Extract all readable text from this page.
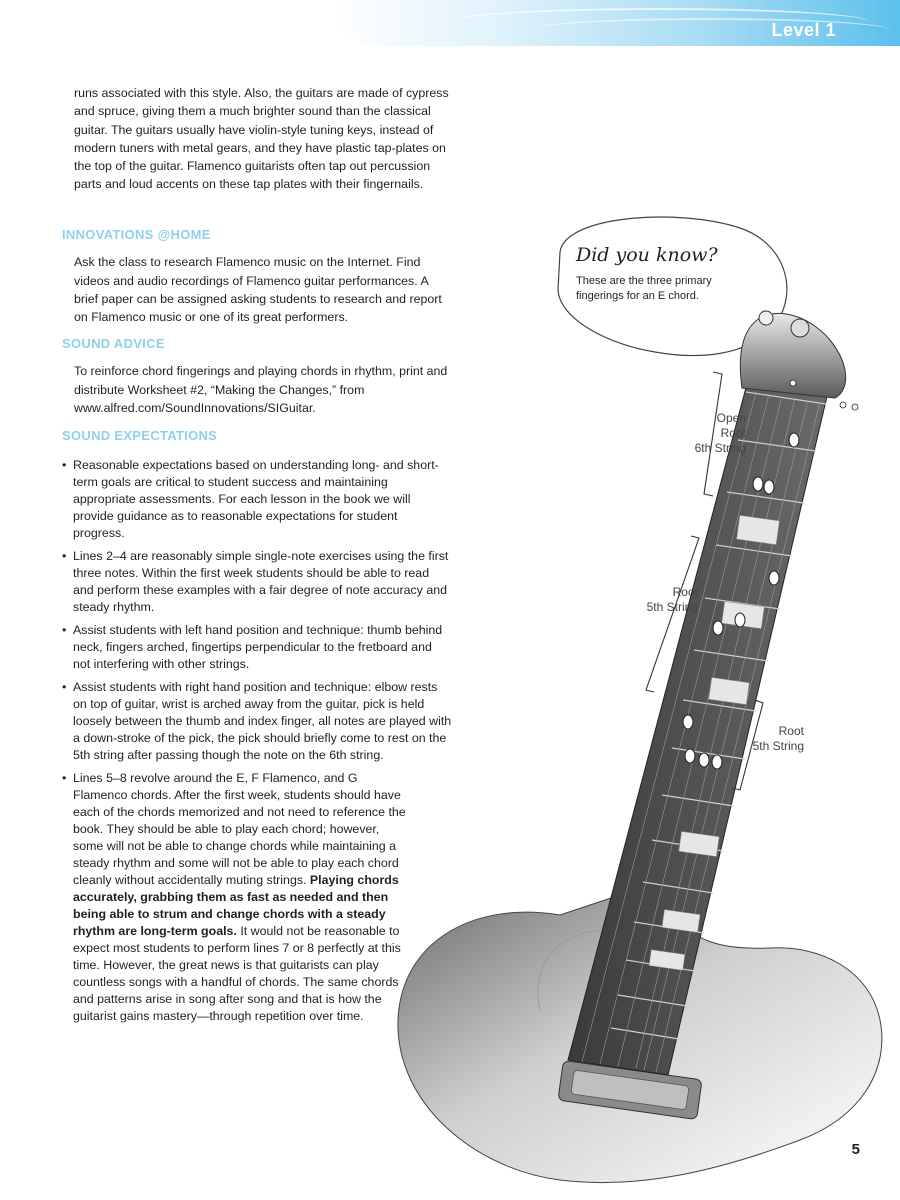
Level 1

runs associated with this style. Also, the guitars are made of cypress and spruce, giving them a much brighter sound than the classical guitar. The guitars usually have violin-style tuning keys, instead of modern tuners with metal gears, and they have plastic tap-plates on the top of the guitar. Flamenco guitarists often tap out percussion parts and loud accents on these tap plates with their fingernails.

INNOVATIONS @HOME

Ask the class to research Flamenco music on the Internet. Find videos and audio recordings of Flamenco guitar performances. A brief paper can be assigned asking students to research and report on Flamenco music or one of its great performers.

SOUND ADVICE

To reinforce chord fingerings and playing chords in rhythm, print and distribute Worksheet #2, “Making the Changes,” from www.alfred.com/SoundInnovations/SIGuitar.

SOUND EXPECTATIONS

• Reasonable expectations based on understanding long- and short-term goals are critical to student success and maintaining appropriate assessments. For each lesson in the book we will provide guidance as to reasonable expectations for student progress.
• Lines 2–4 are reasonably simple single-note exercises using the first three notes. Within the first week students should be able to read and perform these examples with a fair degree of note accuracy and steady rhythm.
• Assist students with left hand position and technique: thumb behind neck, fingers arched, fingertips perpendicular to the fretboard and not interfering with other strings.
• Assist students with right hand position and technique: elbow rests on top of guitar, wrist is arched away from the guitar, pick is held loosely between the thumb and index finger, all notes are played with a down-stroke of the pick, the pick should briefly come to rest on the 5th string after passing though the note on the 6th string.
• Lines 5–8 revolve around the E, F Flamenco, and G Flamenco chords. After the first week, students should have each of the chords memorized and not need to reference the book. They should be able to play each chord; however, some will not be able to change chords while maintaining a steady rhythm and some will not be able to play each chord cleanly without accidentally muting strings. Playing chords accurately, grabbing them as fast as needed and then being able to strum and change chords with a steady rhythm are long-term goals. It would not be reasonable to expect most students to perform lines 7 or 8 perfectly at this time. However, the great news is that guitarists can play countless songs with a handful of chords. The same chords and patterns arise in song after song and that is how the guitarist gains mastery—through repetition over time.
Did you know?
These are the three primary fingerings for an E chord.
Open
Root
6th String
Root
5th String
Root
5th String
5
